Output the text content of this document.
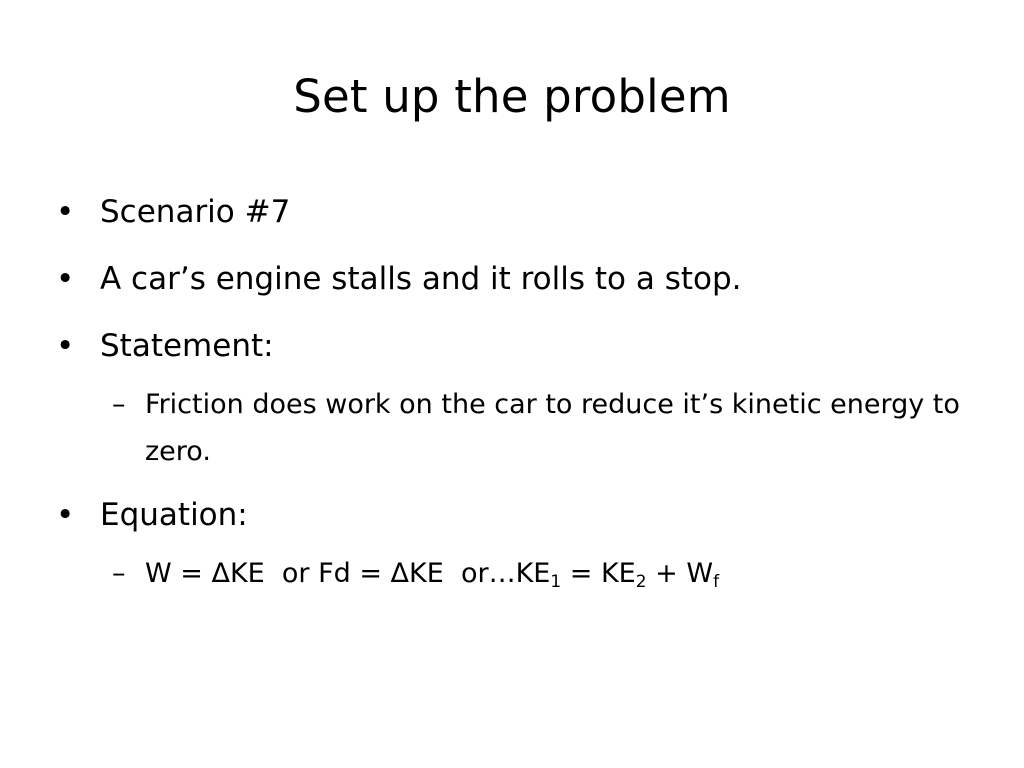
Set up the problem
• Scenario #7
• A car’s engine stalls and it rolls to a stop.
• Statement:
– Friction does work on the car to reduce it’s kinetic energy to zero.
• Equation:
– W = ΔKE  or Fd = ΔKE  $or\dots KE_1 = KE_2 + W_f$
